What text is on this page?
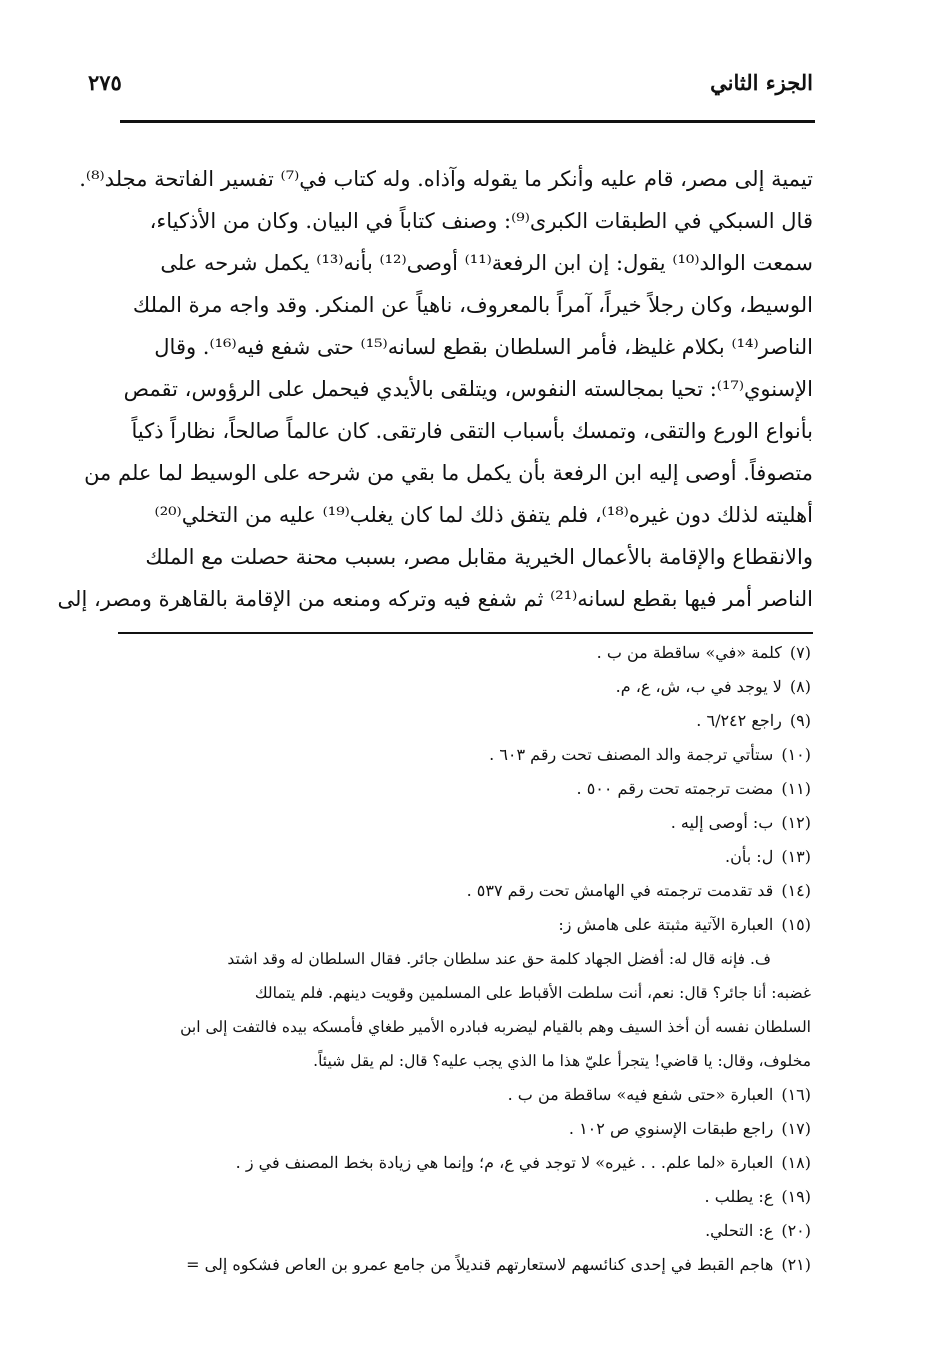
الجزء الثاني
٢٧٥
تيمية إلى مصر، قام عليه وأنكر ما يقوله وآذاه. وله كتاب في⁽⁷⁾ تفسير الفاتحة مجلد⁽⁸⁾.
قال السبكي في الطبقات الكبرى⁽⁹⁾: وصنف كتاباً في البيان. وكان من الأذكياء،
سمعت الوالد⁽¹⁰⁾ يقول: إن ابن الرفعة⁽¹¹⁾ أوصى⁽¹²⁾ بأنه⁽¹³⁾ يكمل شرحه على
الوسيط، وكان رجلاً خيراً، آمراً بالمعروف، ناهياً عن المنكر. وقد واجه مرة الملك
الناصر⁽¹⁴⁾ بكلام غليظ، فأمر السلطان بقطع لسانه⁽¹⁵⁾ حتى شفع فيه⁽¹⁶⁾. وقال
الإسنوي⁽¹⁷⁾: تحيا بمجالسته النفوس، ويتلقى بالأيدي فيحمل على الرؤوس، تقمص
بأنواع الورع والتقى، وتمسك بأسباب التقى فارتقى. كان عالماً صالحاً، نظاراً ذكياً
متصوفاً. أوصى إليه ابن الرفعة بأن يكمل ما بقي من شرحه على الوسيط لما علم من
أهليته لذلك دون غيره⁽¹⁸⁾، فلم يتفق ذلك لما كان يغلب⁽¹⁹⁾ عليه من التخلي⁽²⁰⁾
والانقطاع والإقامة بالأعمال الخيرية مقابل مصر، بسبب محنة حصلت مع الملك
الناصر أمر فيها بقطع لسانه⁽²¹⁾ ثم شفع فيه وتركه ومنعه من الإقامة بالقاهرة ومصر، إلى
(٧)كلمة «في» ساقطة من ب .
(٨)لا يوجد في ب، ش، ع، م.
(٩)راجع ٦/٢٤٢ .
(١٠)ستأتي ترجمة والد المصنف تحت رقم ٦٠٣ .
(١١)مضت ترجمته تحت رقم ٥٠٠ .
(١٢)ب: أوصى إليه .
(١٣)ل: بأن.
(١٤)قد تقدمت ترجمته في الهامش تحت رقم ٥٣٧ .
(١٥)العبارة الآتية مثبتة على هامش ز:
ف. فإنه قال له: أفضل الجهاد كلمة حق عند سلطان جائر. فقال السلطان له وقد اشتد
غضبه: أنا جائر؟ قال: نعم، أنت سلطت الأقباط على المسلمين وقويت دينهم. فلم يتمالك
السلطان نفسه أن أخذ السيف وهم بالقيام ليضربه فبادره الأمير طغاي فأمسكه بيده فالتفت إلى ابن
مخلوف، وقال: يا قاضي! يتجرأ عليّ هذا ما الذي يجب عليه؟ قال: لم يقل شيئاً.
(١٦)العبارة «حتى شفع فيه» ساقطة من ب .
(١٧)راجع طبقات الإسنوي ص ١٠٢ .
(١٨)العبارة «لما علم. . . غيره» لا توجد في ع، م؛ وإنما هي زيادة بخط المصنف في ز .
(١٩)ع: يطلب .
(٢٠)ع: التحلي.
(٢١)هاجم القبط في إحدى كنائسهم لاستعارتهم قنديلاً من جامع عمرو بن العاص فشكوه إلى =
